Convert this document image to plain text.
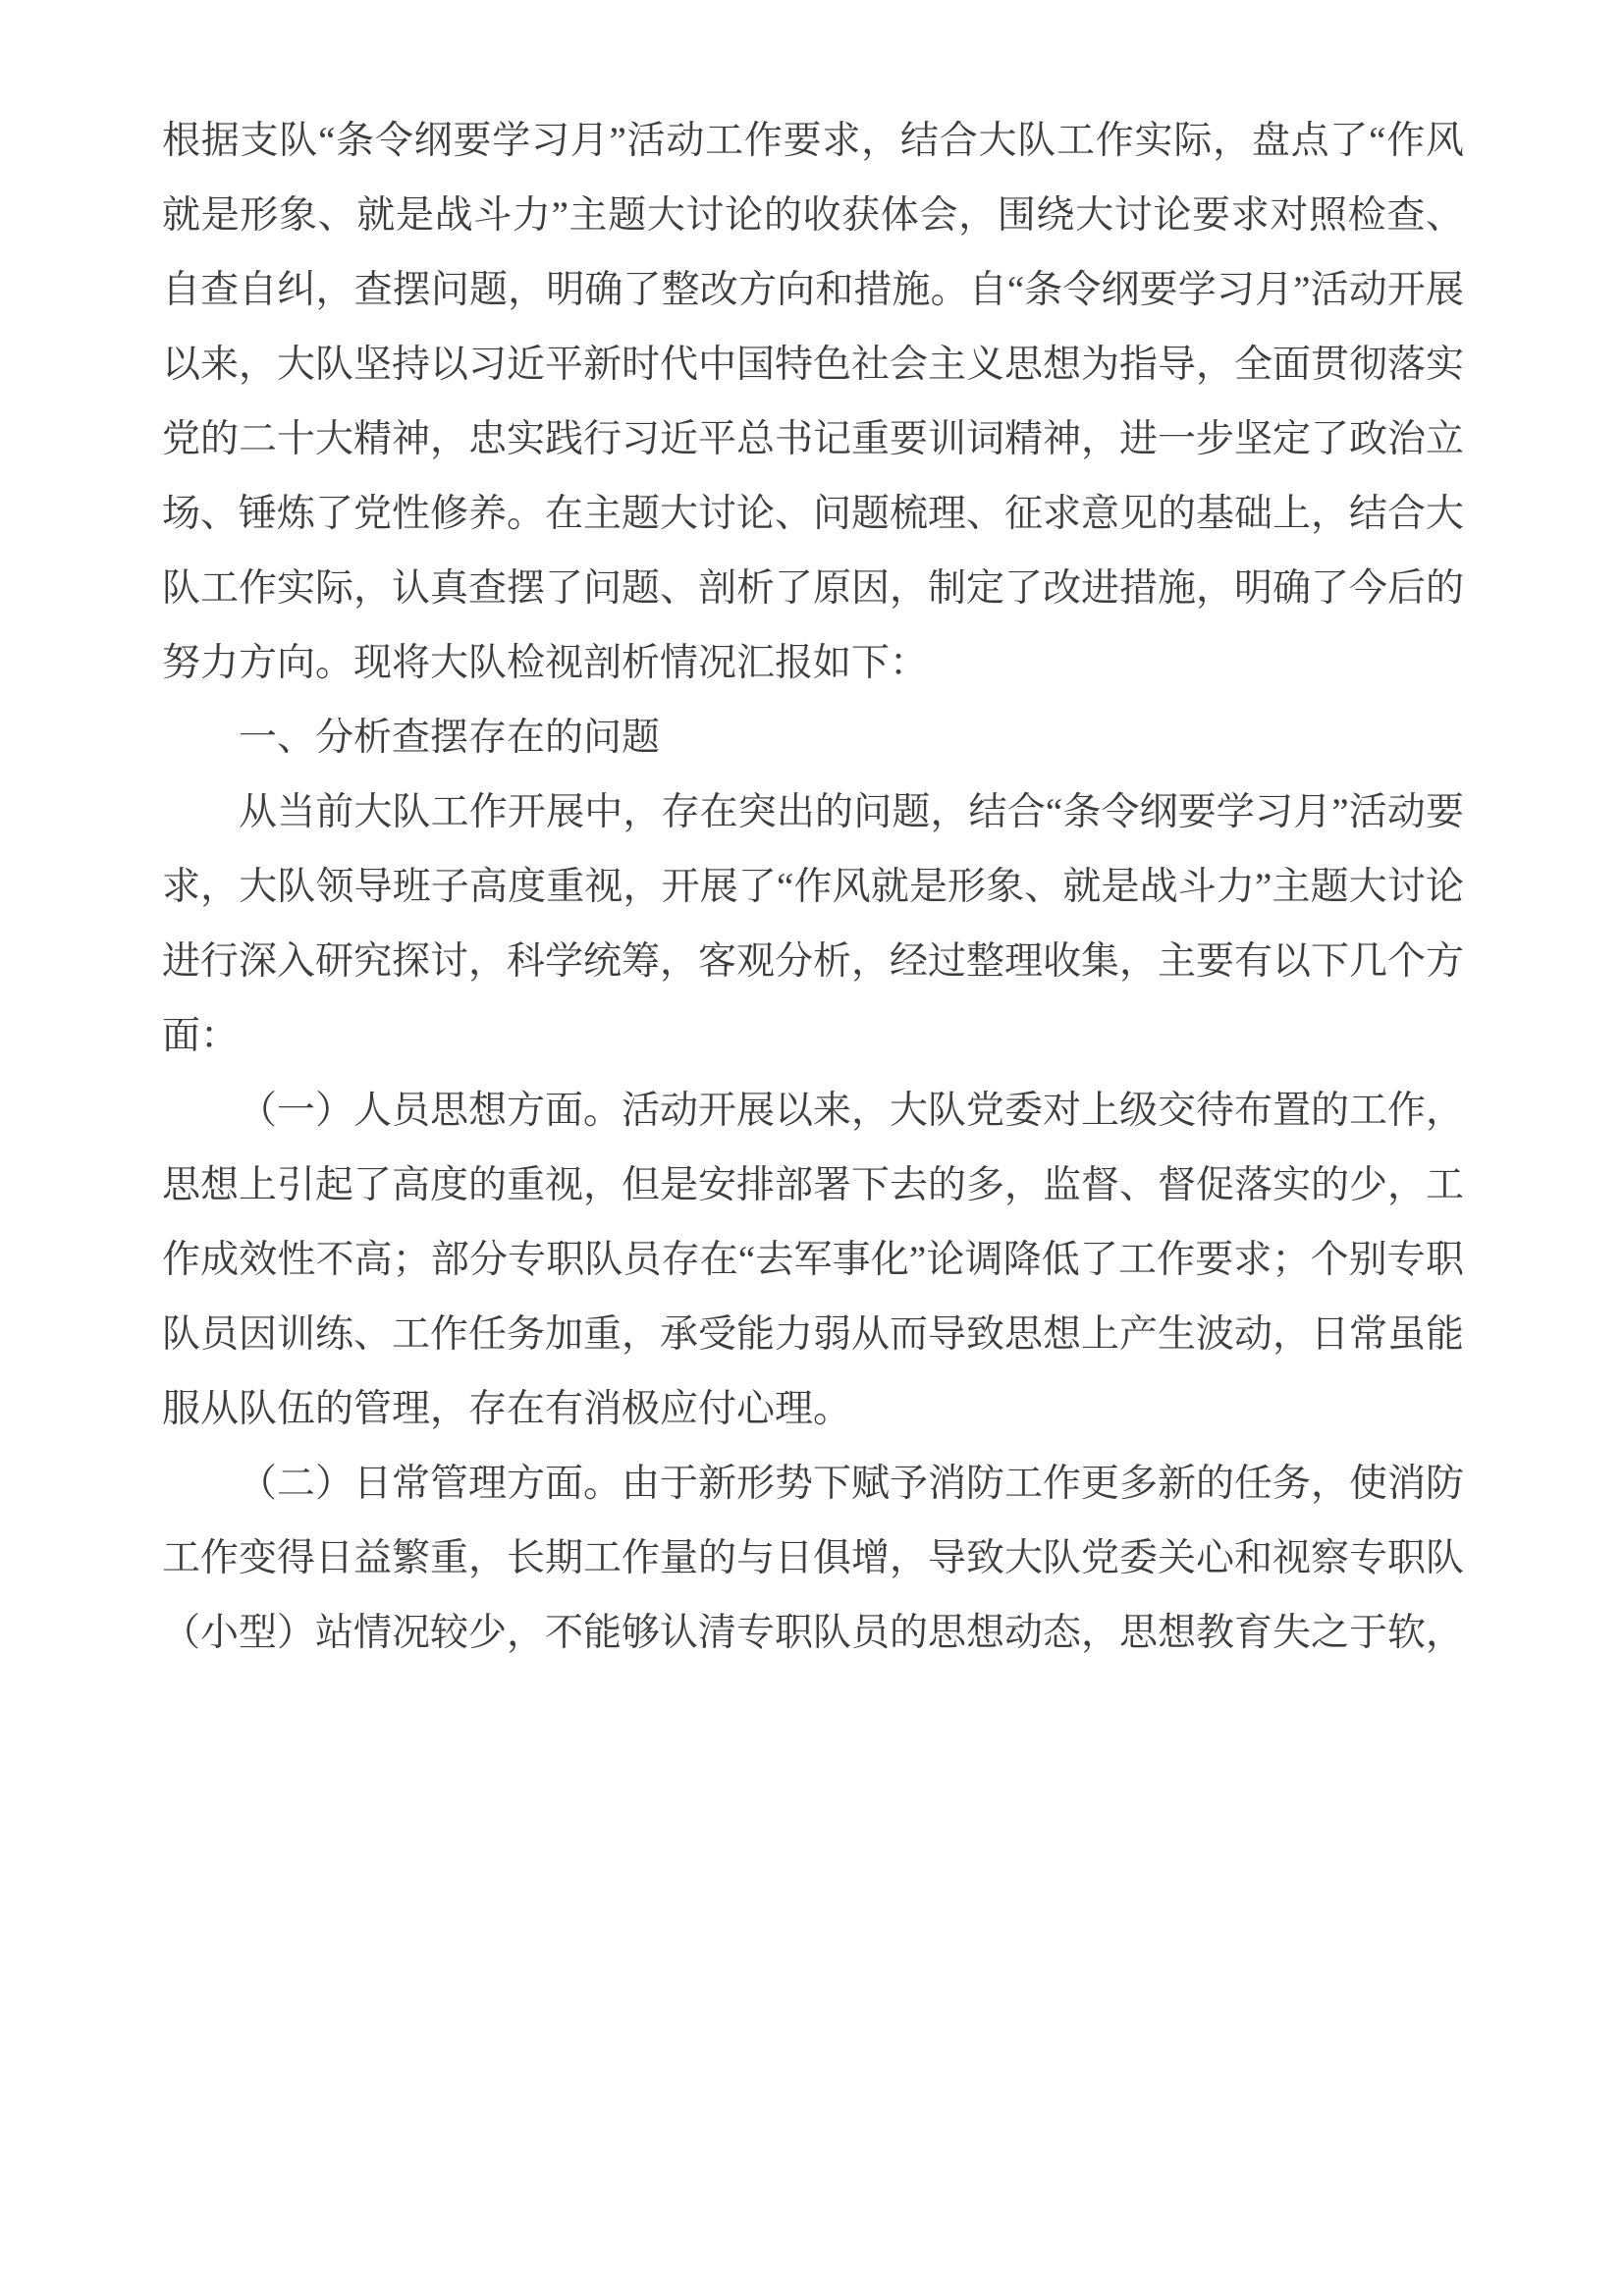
根据支队“条令纲要学习月”活动工作要求，结合大队工作实际，盘点了“作风就是形象、就是战斗力”主题大讨论的收获体会，围绕大讨论要求对照检查、自查自纠，查摆问题，明确了整改方向和措施。自“条令纲要学习月”活动开展以来，大队坚持以习近平新时代中国特色社会主义思想为指导，全面贯彻落实党的二十大精神，忠实践行习近平总书记重要训词精神，进一步坚定了政治立场、锤炼了党性修养。在主题大讨论、问题梳理、征求意见的基础上，结合大队工作实际，认真查摆了问题、剖析了原因，制定了改进措施，明确了今后的努力方向。现将大队检视剖析情况汇报如下：

一、分析查摆存在的问题

从当前大队工作开展中，存在突出的问题，结合“条令纲要学习月”活动要求，大队领导班子高度重视，开展了“作风就是形象、就是战斗力”主题大讨论进行深入研究探讨，科学统筹，客观分析，经过整理收集，主要有以下几个方面：

（一）人员思想方面。活动开展以来，大队党委对上级交待布置的工作，思想上引起了高度的重视，但是安排部署下去的多，监督、督促落实的少，工作成效性不高；部分专职队员存在“去军事化”论调降低了工作要求；个别专职队员因训练、工作任务加重，承受能力弱从而导致思想上产生波动，日常虽能服从队伍的管理，存在有消极应付心理。

（二）日常管理方面。由于新形势下赋予消防工作更多新的任务，使消防工作变得日益繁重，长期工作量的与日俱增，导致大队党委关心和视察专职队（小型）站情况较少，不能够认清专职队员的思想动态，思想教育失之于软，
